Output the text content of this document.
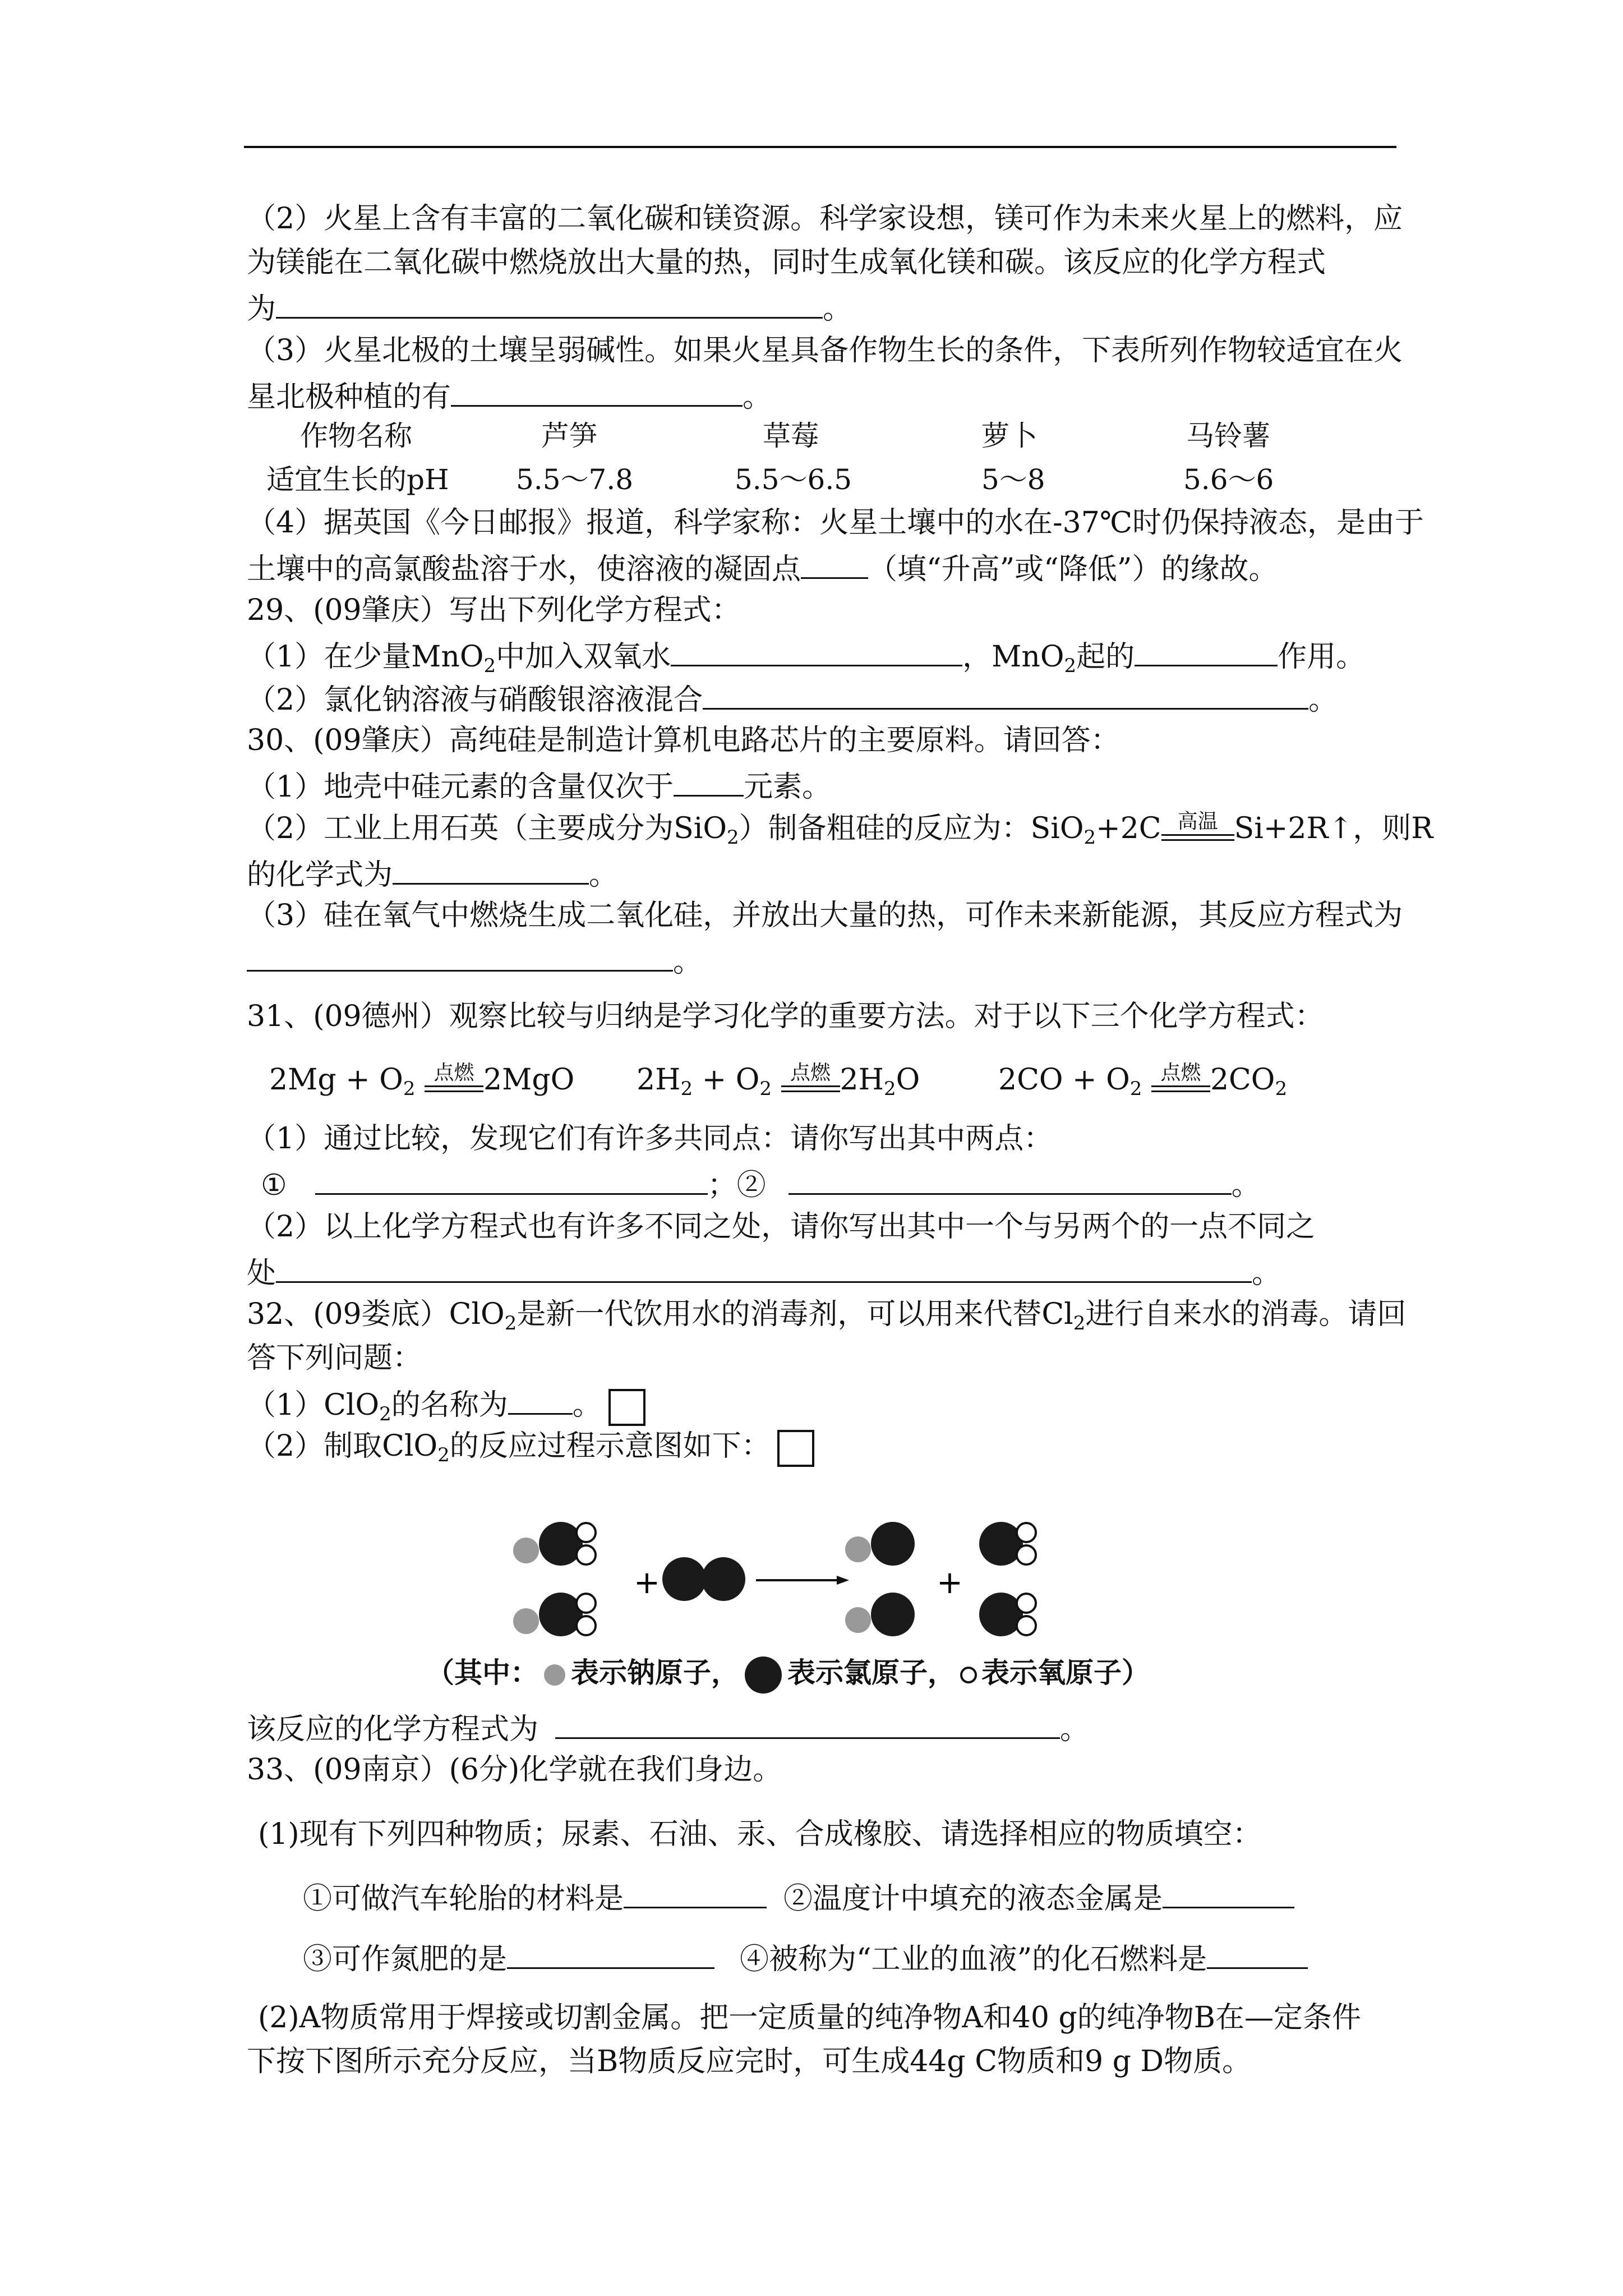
（2）火星上含有丰富的二氧化碳和镁资源。科学家设想，镁可作为未来火星上的燃料，应
为镁能在二氧化碳中燃烧放出大量的热，同时生成氧化镁和碳。该反应的化学方程式
为	。
（3）火星北极的土壤呈弱碱性。如果火星具备作物生长的条件，下表所列作物较适宜在火
星北极种植的有	。
作物名称	芦笋	草莓	萝卜	马铃薯
适宜生长的pH 5.5～7.8	5.5～6.5	5～8	5.6～6
（4）据英国《今日邮报》报道，科学家称：火星土壤中的水在-37℃时仍保持液态，是由于
土壤中的高氯酸盐溶于水，使溶液的凝固点 （填“升高”或“降低”）的缘故。
29、(09肇庆）写出下列化学方程式：
（1）在少量MnO$_2$中加入双氧水	，MnO$_2$起的	作用。
（2）氯化钠溶液与硝酸银溶液混合	。
30、(09肇庆）高纯硅是制造计算机电路芯片的主要原料。请回答：
（1）地壳中硅元素的含量仅次于 元素。
（2）工业上用石英（主要成分为SiO$_2$）制备粗硅的反应为：SiO$_2$+2C 高温 Si+2R↑，则R
的化学式为	。
（3）硅在氧气中燃烧生成二氧化硅，并放出大量的热，可作未来新能源，其反应方程式为
。
31、(09德州）观察比较与归纳是学习化学的重要方法。对于以下三个化学方程式：
$2Mg + O_2$
点燃 2MgO $2H_2 + O_2$
点燃 $2H_2O$	$2CO + O_2$
点燃 $2CO_2$
（1）通过比较，发现它们有许多共同点：请你写出其中两点：
①	；②	。
（2）以上化学方程式也有许多不同之处，请你写出其中一个与另两个的一点不同之
处	。
32、(09娄底）ClO$_2$是新一代饮用水的消毒剂，可以用来代替$Cl_2$进行自来水的消毒。请回
答下列问题：
（1）ClO$_2$的名称为 。
（2）制取ClO$_2$的反应过程示意图如下：
+	+
（其中： 表示钠原子， 表示氯原子， 表示氧原子）
该反应的化学方程式为	。
33、(09南京）(6分)化学就在我们身边。
(1)现有下列四种物质；尿素、石油、汞、合成橡胶、请选择相应的物质填空：
①可做汽车轮胎的材料是	②温度计中填充的液态金属是
③可作氮肥的是	④被称为“工业的血液”的化石燃料是
(2)A物质常用于焊接或切割金属。把一定质量的纯净物A和40 g的纯净物B在—定条件
下按下图所示充分反应，当B物质反应完时，可生成44g C物质和9 g D物质。
